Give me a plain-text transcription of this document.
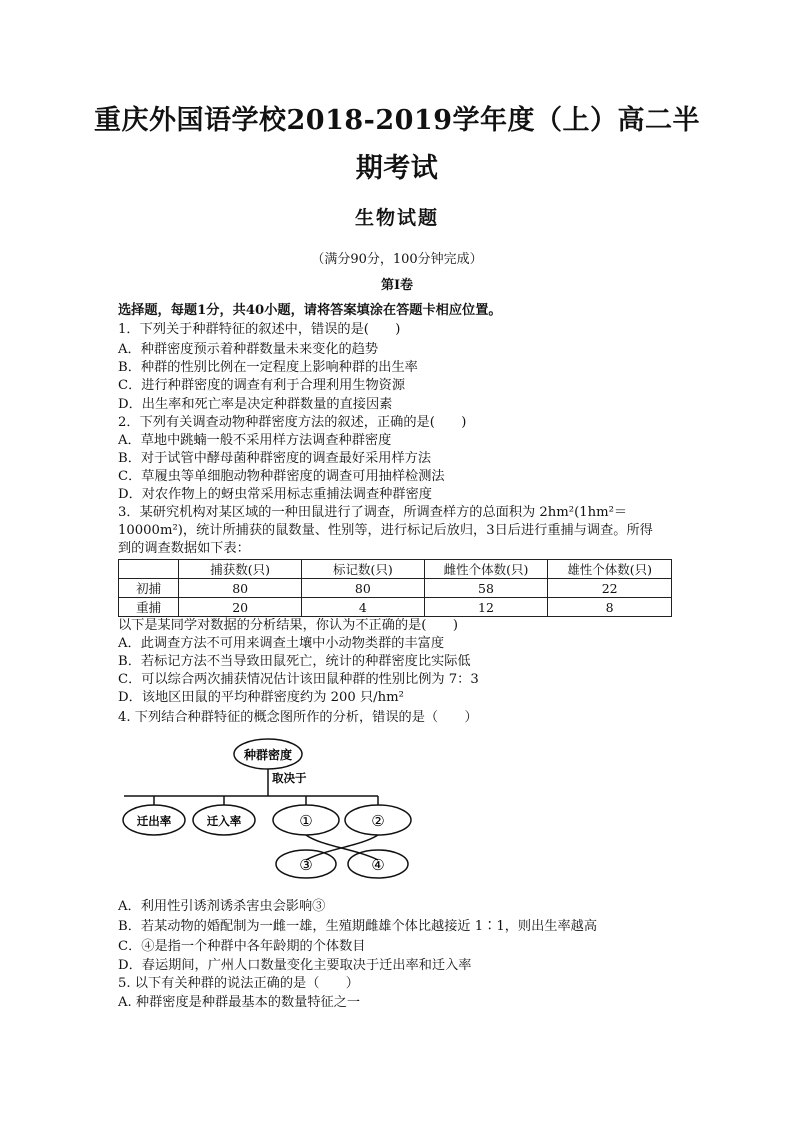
重庆外国语学校2018-2019学年度（上）高二半
期考试
生物试题
（满分90分，100分钟完成）
第Ⅰ卷
选择题，每题1分，共40小题，请将答案填涂在答题卡相应位置。
1．下列关于种群特征的叙述中，错误的是(　　)
A．种群密度预示着种群数量未来变化的趋势
B．种群的性别比例在一定程度上影响种群的出生率
C．进行种群密度的调查有利于合理利用生物资源
D．出生率和死亡率是决定种群数量的直接因素
2．下列有关调查动物种群密度方法的叙述，正确的是(　　)
A．草地中跳蝻一般不采用样方法调查种群密度
B．对于试管中酵母菌种群密度的调查最好采用样方法
C．草履虫等单细胞动物种群密度的调查可用抽样检测法
D．对农作物上的蚜虫常采用标志重捕法调查种群密度
3．某研究机构对某区域的一种田鼠进行了调查，所调查样方的总面积为 2hm²(1hm²＝
10000m²)，统计所捕获的鼠数量、性别等，进行标记后放归，3日后进行重捕与调查。所得
到的调查数据如下表：
	捕获数(只)	标记数(只)	雌性个体数(只)	雄性个体数(只)
初捕	80	80	58	22
重捕	20	4	12	8
以下是某同学对数据的分析结果，你认为不正确的是(　　)
A．此调查方法不可用来调查土壤中小动物类群的丰富度
B．若标记方法不当导致田鼠死亡，统计的种群密度比实际低
C．可以综合两次捕获情况估计该田鼠种群的性别比例为 7：3
D．该地区田鼠的平均种群密度约为 200 只/hm²
4. 下列结合种群特征的概念图所作的分析，错误的是（　　）
种群密度
取决于
迁出率	迁入率	①	②
③	④
A．利用性引诱剂诱杀害虫会影响③
B．若某动物的婚配制为一雌一雄，生殖期雌雄个体比越接近 1∶1，则出生率越高
C．④是指一个种群中各年龄期的个体数目
D．春运期间，广州人口数量变化主要取决于迁出率和迁入率
5. 以下有关种群的说法正确的是（　　）
A. 种群密度是种群最基本的数量特征之一
